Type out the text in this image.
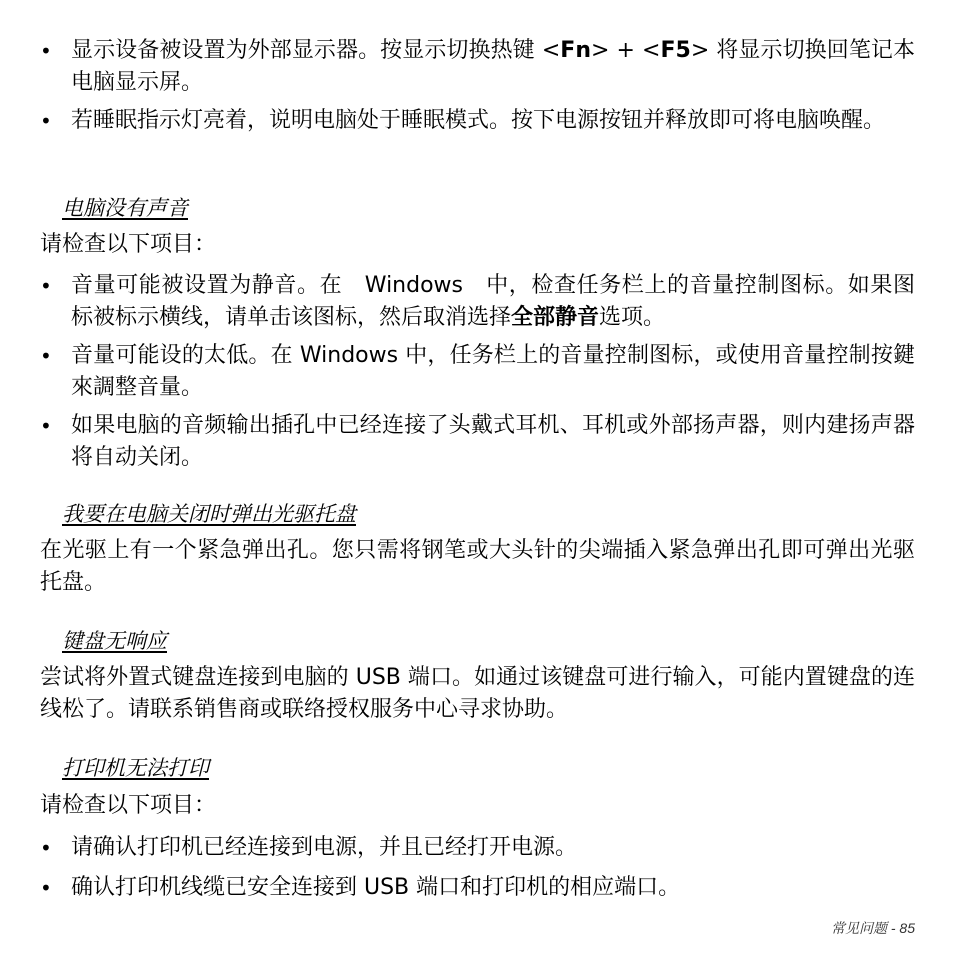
• 显示设备被设置为外部显示器。按显示切换热键 <Fn> + <F5> 将显示切换回笔记本电脑显示屏。
• 若睡眠指示灯亮着，说明电脑处于睡眠模式。按下电源按钮并释放即可将电脑唤醒。
电脑没有声音
请检查以下项目：
• 音量可能被设置为静音。在　Windows　中，检查任务栏上的音量控制图标。如果图标被标示横线，请单击该图标，然后取消选择全部静音选项。
• 音量可能设的太低。在 Windows 中，任务栏上的音量控制图标，或使用音量控制按鍵來調整音量。
• 如果电脑的音频输出插孔中已经连接了头戴式耳机、耳机或外部扬声器，则内建扬声器将自动关闭。
我要在电脑关闭时弹出光驱托盘
在光驱上有一个紧急弹出孔。您只需将钢笔或大头针的尖端插入紧急弹出孔即可弹出光驱托盘。
键盘无响应
尝试将外置式键盘连接到电脑的 USB 端口。如通过该键盘可进行输入，可能内置键盘的连线松了。请联系销售商或联络授权服务中心寻求协助。
打印机无法打印
请检查以下项目：
• 请确认打印机已经连接到电源，并且已经打开电源。
• 确认打印机线缆已安全连接到 USB 端口和打印机的相应端口。
常见问题 - 85
